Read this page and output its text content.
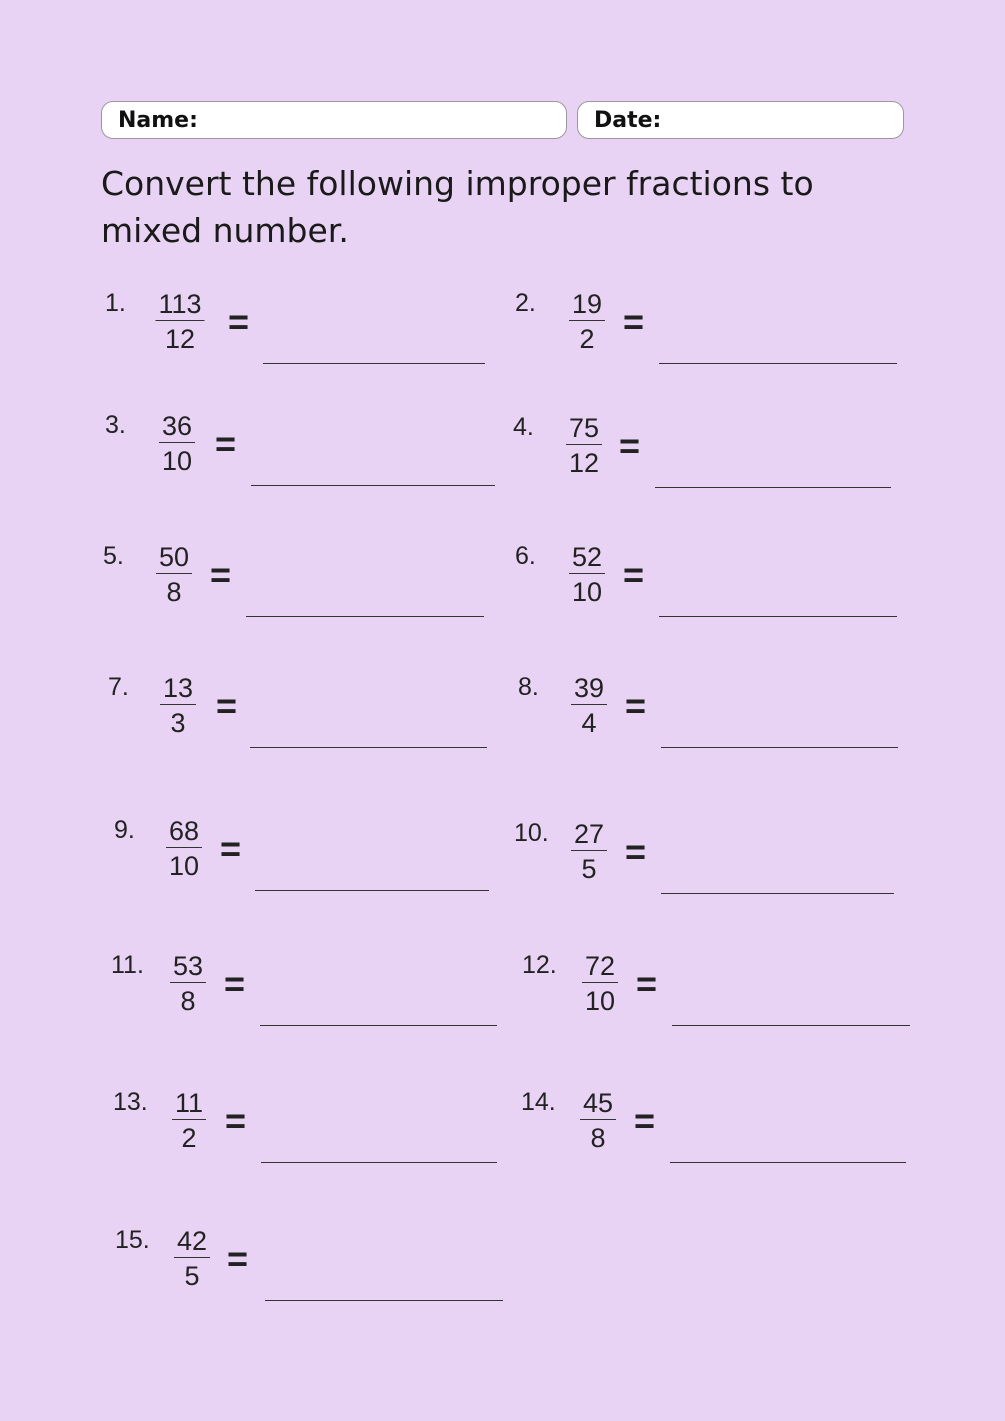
Name:	Date:

Convert the following improper fractions to mixed number.

1. 113
12 =	2. 19
2 =
3. 36
10 =	4. 75
12 =
5. 50
8 =	6. 52
10 =
7. 13
3 =	8. 39
4 =
9. 68
10 =	10. 27
5 =
11. 53
8 =	12. 72
10 =
13. 11
2 =	14. 45
8 =
15. 42
5 =
